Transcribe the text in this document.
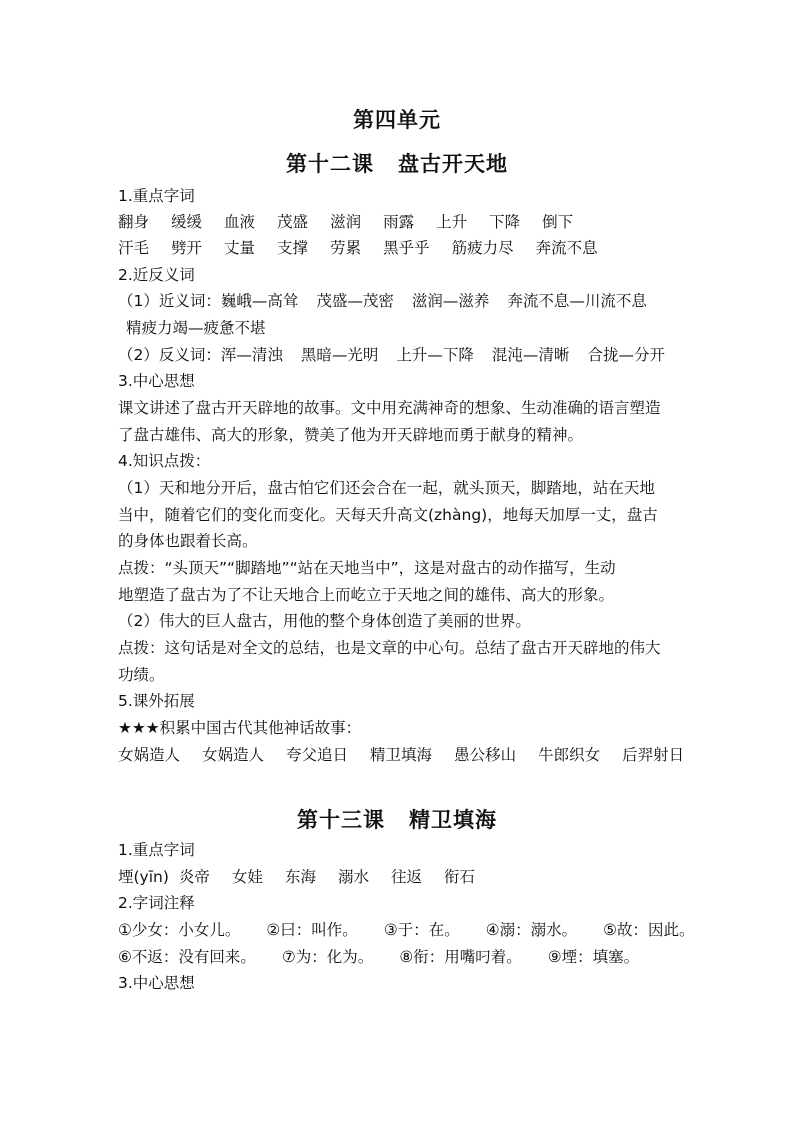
第四单元
第十二课 盘古开天地
1.重点字词
翻身 缓缓 血液 茂盛 滋润 雨露 上升 下降 倒下
汗毛 劈开 丈量 支撑 劳累 黑乎乎 筋疲力尽 奔流不息
2.近反义词
（1）近义词：巍峨—高耸 茂盛—茂密 滋润—滋养 奔流不息—川流不息
精疲力竭—疲惫不堪
（2）反义词：浑—清浊 黑暗—光明 上升—下降 混沌—清晰 合拢—分开
3.中心思想
课文讲述了盘古开天辟地的故事。文中用充满神奇的想象、生动准确的语言塑造
了盘古雄伟、高大的形象，赞美了他为开天辟地而勇于献身的精神。
4.知识点拨：
（1）天和地分开后，盘古怕它们还会合在一起，就头顶天，脚踏地，站在天地
当中，随着它们的变化而变化。天每天升高文(zhàng)，地每天加厚一丈，盘古
的身体也跟着长高。
点拨：“头顶天”“脚踏地”“站在天地当中”，这是对盘古的动作描写，生动
地塑造了盘古为了不让天地合上而屹立于天地之间的雄伟、高大的形象。
（2）伟大的巨人盘古，用他的整个身体创造了美丽的世界。
点拨：这句话是对全文的总结，也是文章的中心句。总结了盘古开天辟地的伟大
功绩。
5.课外拓展
★★★积累中国古代其他神话故事：
女娲造人 女娲造人 夸父追日 精卫填海 愚公移山 牛郎织女 后羿射日
第十三课 精卫填海
1.重点字词
堙(yīn) 炎帝 女娃 东海 溺水 往返 衔石
2.字词注释
①少女：小女儿。 ②曰：叫作。 ③于：在。 ④溺：溺水。 ⑤故：因此。
⑥不返：没有回来。 ⑦为：化为。 ⑧衔：用嘴叼着。 ⑨堙：填塞。
3.中心思想
